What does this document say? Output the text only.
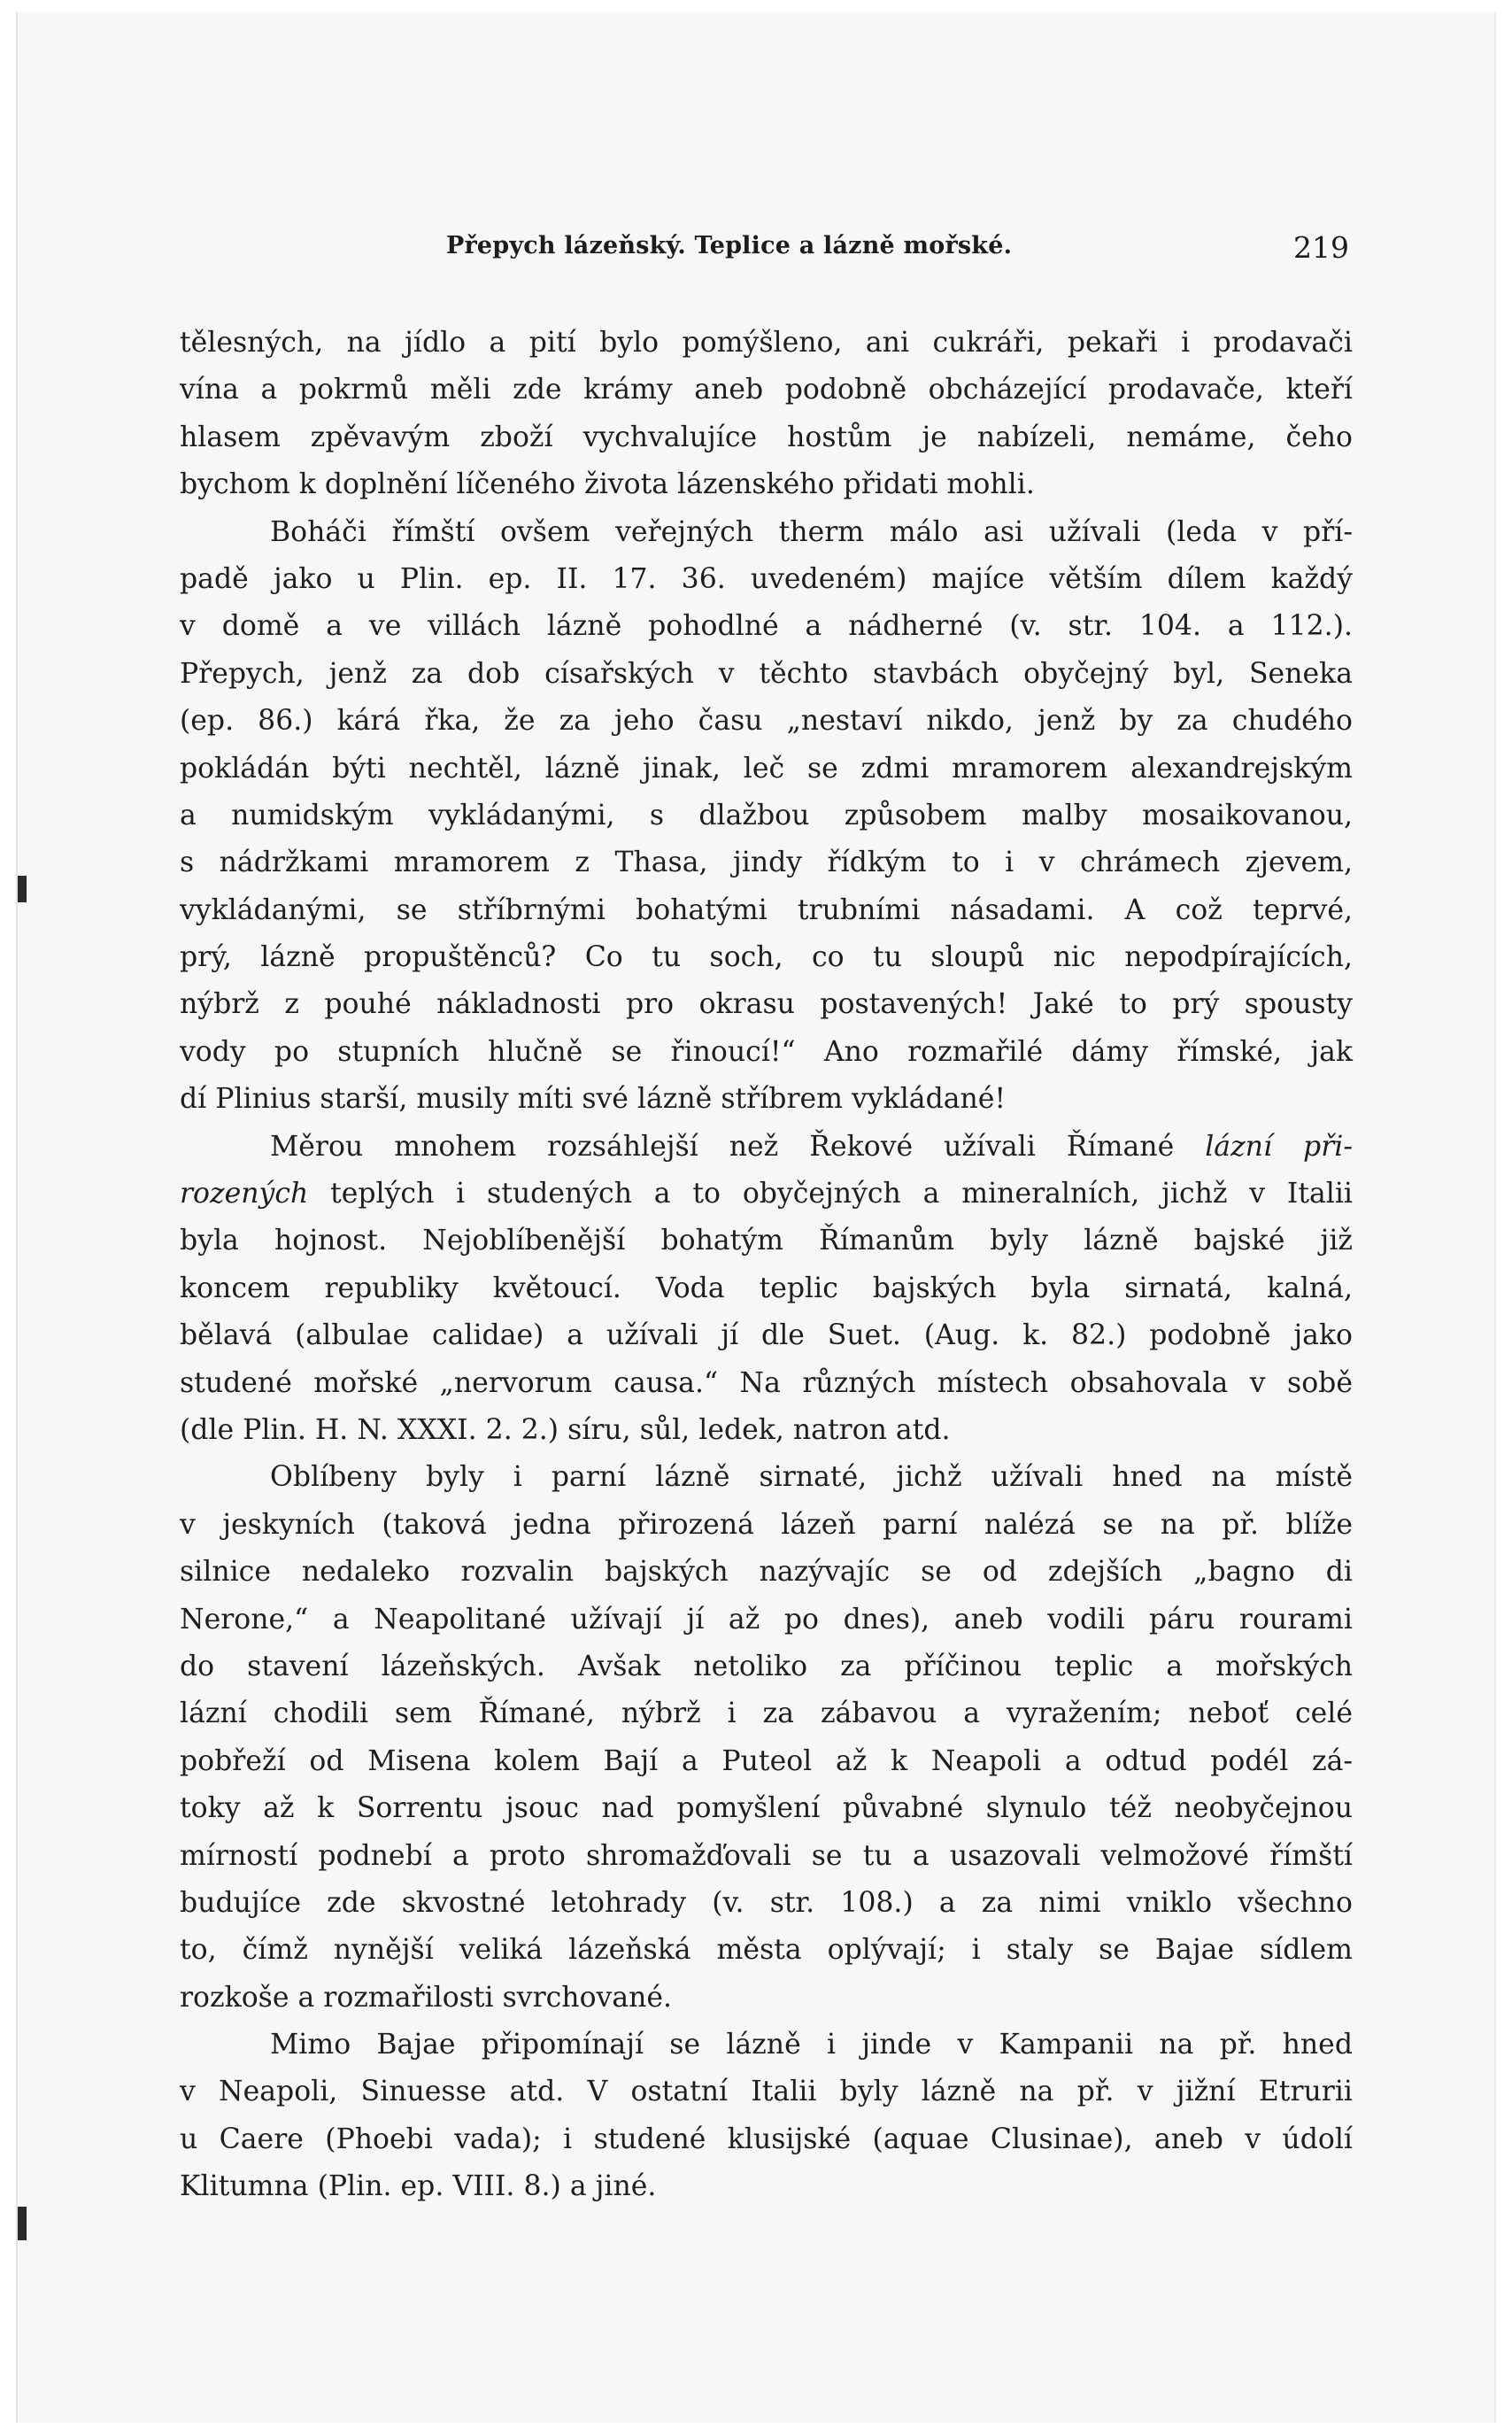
Přepych lázeňský. Teplice a lázně mořské.	219
tělesných, na jídlo a pití bylo pomýšleno, ani cukráři, pekaři i prodavači
vína a pokrmů měli zde krámy aneb podobně obcházející prodavače, kteří
hlasem zpěvavým zboží vychvalujíce hostům je nabízeli, nemáme, čeho
bychom k doplnění líčeného života lázenského přidati mohli.
Boháči římští ovšem veřejných therm málo asi užívali (leda v pří-
padě jako u Plin. ep. II. 17. 36. uvedeném) majíce větším dílem každý
v domě a ve villách lázně pohodlné a nádherné (v. str. 104. a 112.).
Přepych, jenž za dob císařských v těchto stavbách obyčejný byl, Seneka
(ep. 86.) kárá řka, že za jeho času „nestaví nikdo, jenž by za chudého
pokládán býti nechtěl, lázně jinak, leč se zdmi mramorem alexandrejským
a numidským vykládanými, s dlažbou způsobem malby mosaikovanou,
s nádržkami mramorem z Thasa, jindy řídkým to i v chrámech zjevem,
vykládanými, se stříbrnými bohatými trubními násadami. A což teprvé,
prý, lázně propuštěnců? Co tu soch, co tu sloupů nic nepodpírajících,
nýbrž z pouhé nákladnosti pro okrasu postavených! Jaké to prý spousty
vody po stupních hlučně se řinoucí!“ Ano rozmařilé dámy římské, jak
dí Plinius starší, musily míti své lázně stříbrem vykládané!
Měrou mnohem rozsáhlejší než Řekové užívali Římané lázní při-
rozených teplých i studených a to obyčejných a mineralních, jichž v Italii
byla hojnost. Nejoblíbenější bohatým Římanům byly lázně bajské již
koncem republiky květoucí. Voda teplic bajských byla sirnatá, kalná,
bělavá (albulae calidae) a užívali jí dle Suet. (Aug. k. 82.) podobně jako
studené mořské „nervorum causa.“ Na různých místech obsahovala v sobě
(dle Plin. H. N. XXXI. 2. 2.) síru, sůl, ledek, natron atd.
Oblíbeny byly i parní lázně sirnaté, jichž užívali hned na místě
v jeskyních (taková jedna přirozená lázeň parní nalézá se na př. blíže
silnice nedaleko rozvalin bajských nazývajíc se od zdejších „bagno di
Nerone,“ a Neapolitané užívají jí až po dnes), aneb vodili páru rourami
do stavení lázeňských. Avšak netoliko za příčinou teplic a mořských
lázní chodili sem Římané, nýbrž i za zábavou a vyražením; neboť celé
pobřeží od Misena kolem Bají a Puteol až k Neapoli a odtud podél zá-
toky až k Sorrentu jsouc nad pomyšlení půvabné slynulo též neobyčejnou
mírností podnebí a proto shromažďovali se tu a usazovali velmožové římští
budujíce zde skvostné letohrady (v. str. 108.) a za nimi vniklo všechno
to, čímž nynější veliká lázeňská města oplývají; i staly se Bajae sídlem
rozkoše a rozmařilosti svrchované.
Mimo Bajae připomínají se lázně i jinde v Kampanii na př. hned
v Neapoli, Sinuesse atd. V ostatní Italii byly lázně na př. v jižní Etrurii
u Caere (Phoebi vada); i studené klusijské (aquae Clusinae), aneb v údolí
Klitumna (Plin. ep. VIII. 8.) a jiné.
